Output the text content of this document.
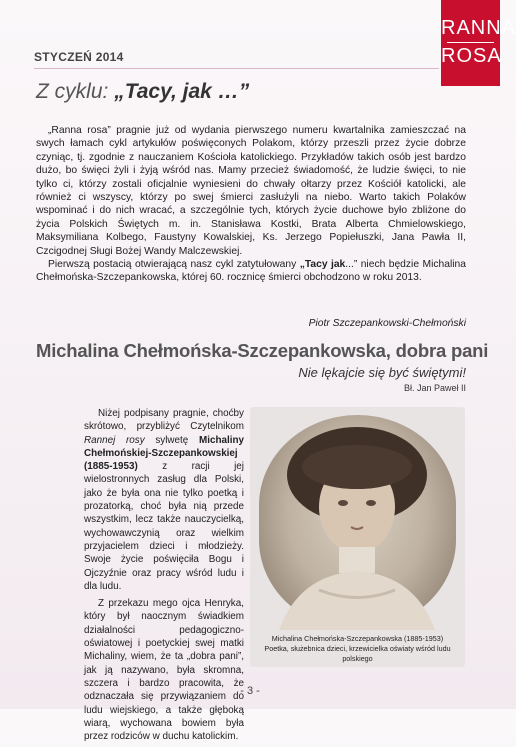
RANNA
ROSA
STYCZEŃ 2014
Z cyklu: „Tacy, jak …”

„Ranna rosa” pragnie już od wydania pierwszego numeru kwartalnika zamieszczać na swych łamach cykl artykułów poświęconych Polakom, którzy przeszli przez życie dobrze czyniąc, tj. zgodnie z nauczaniem Kościoła katolickiego. Przykładów takich osób jest bardzo dużo, bo święci żyli i żyją wśród nas. Mamy przecież świadomość, że ludzie święci, to nie tylko ci, którzy zostali oficjalnie wyniesieni do chwały ołtarzy przez Kościół katolicki, ale również ci wszyscy, którzy po swej śmierci zasłużyli na niebo. Warto takich Polaków wspominać i do nich wracać, a szczególnie tych, których życie duchowe było zbliżone do życia Polskich Świętych m. in. Stanisława Kostki, Brata Alberta Chmielowskiego, Maksymiliana Kolbego, Faustyny Kowalskiej, Ks. Jerzego Popiełuszki, Jana Pawła II, Czcigodnej Sługi Bożej Wandy Malczewskiej.

Pierwszą postacią otwierającą nasz cykl zatytułowany „Tacy jak...” niech będzie Michalina Chełmońska-Szczepankowska, której 60. rocznicę śmierci obchodzono w roku 2013.

Piotr Szczepankowski-Chełmoński
Michalina Chełmońska-Szczepankowska, dobra pani
Nie lękajcie się być świętymi!
Bł. Jan Paweł II

Niżej podpisany pragnie, choćby skrótowo, przybliżyć Czytelnikom Rannej rosy sylwetę Michaliny Chełmońskiej-Szczepankowskiej (1885-1953) z racji jej wielostronnych zasług dla Polski, jako że była ona nie tylko poetką i prozatorką, choć była nią przede wszystkim, lecz także nauczycielką, wychowawczynią oraz wielkim przyjacielem dzieci i młodzieży. Swoje życie poświęciła Bogu i Ojczyźnie oraz pracy wśród ludu i dla ludu.

Z przekazu mego ojca Henryka, który był naocznym świadkiem działalności pedagogiczno-oświatowej i poetyckiej swej matki Michaliny, wiem, że ta „dobra pani”, jak ją nazywano, była skromna, szczera i bardzo pracowita, że odznaczała się przywiązaniem do ludu wiejskiego, a także głęboką wiarą, wychowana bowiem była przez rodziców w duchu katolickim.

Michalina Chełmońska-Szczepankowska (1885-1953)
Poetka, służebnica dzieci, krzewicielka oświaty wśród ludu polskiego
- 3 -
